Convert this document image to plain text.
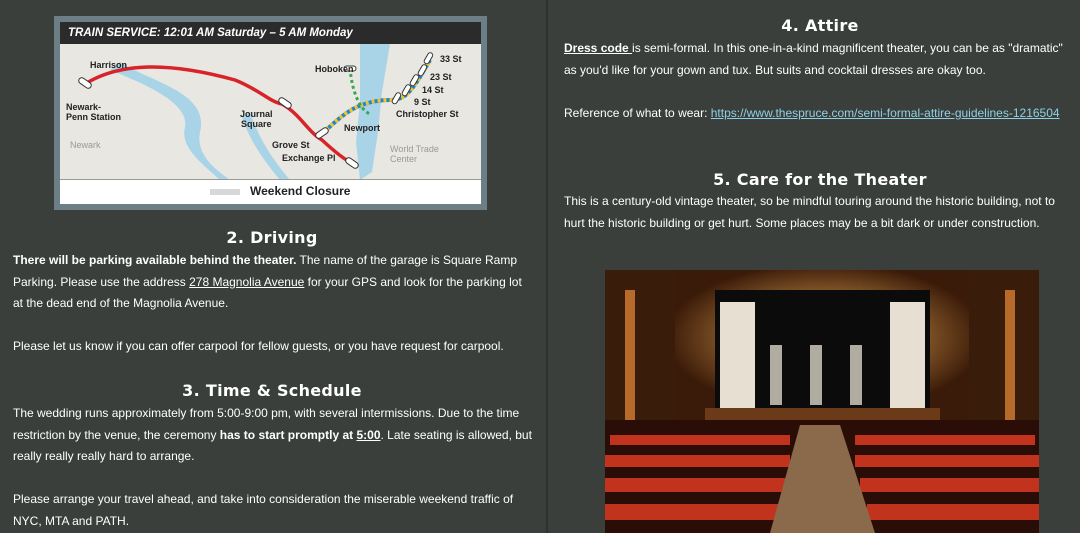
TRAIN SERVICE: 12:01 AM Saturday – 5 AM Monday
Harrison
Newark-
Penn Station
Newark
Hoboken
33 St
23 St
14 St
9 St
Christopher St
Journal
Square	Newport
Grove St
Exchange Pl
World Trade
Center
Weekend Closure
2. Driving

There will be parking available behind the theater. The name of the garage is Square Ramp Parking. Please use the address 278 Magnolia Avenue for your GPS and look for the parking lot at the dead end of the Magnolia Avenue.

Please let us know if you can offer carpool for fellow guests, or you have request for carpool.

3. Time & Schedule

The wedding runs approximately from 5:00-9:00 pm, with several intermissions. Due to the time restriction by the venue, the ceremony has to start promptly at 5:00. Late seating is allowed, but really really really hard to arrange.

Please arrange your travel ahead, and take into consideration the miserable weekend traffic of NYC, MTA and PATH.

4. Attire

Dress code is semi-formal. In this one-in-a-kind magnificent theater, you can be as "dramatic" as you'd like for your gown and tux. But suits and cocktail dresses are okay too.

Reference of what to wear: https://www.thespruce.com/semi-formal-attire-guidelines-1216504

5. Care for the Theater

This is a century-old vintage theater, so be mindful touring around the historic building, not to hurt the historic building or get hurt. Some places may be a bit dark or under construction.
